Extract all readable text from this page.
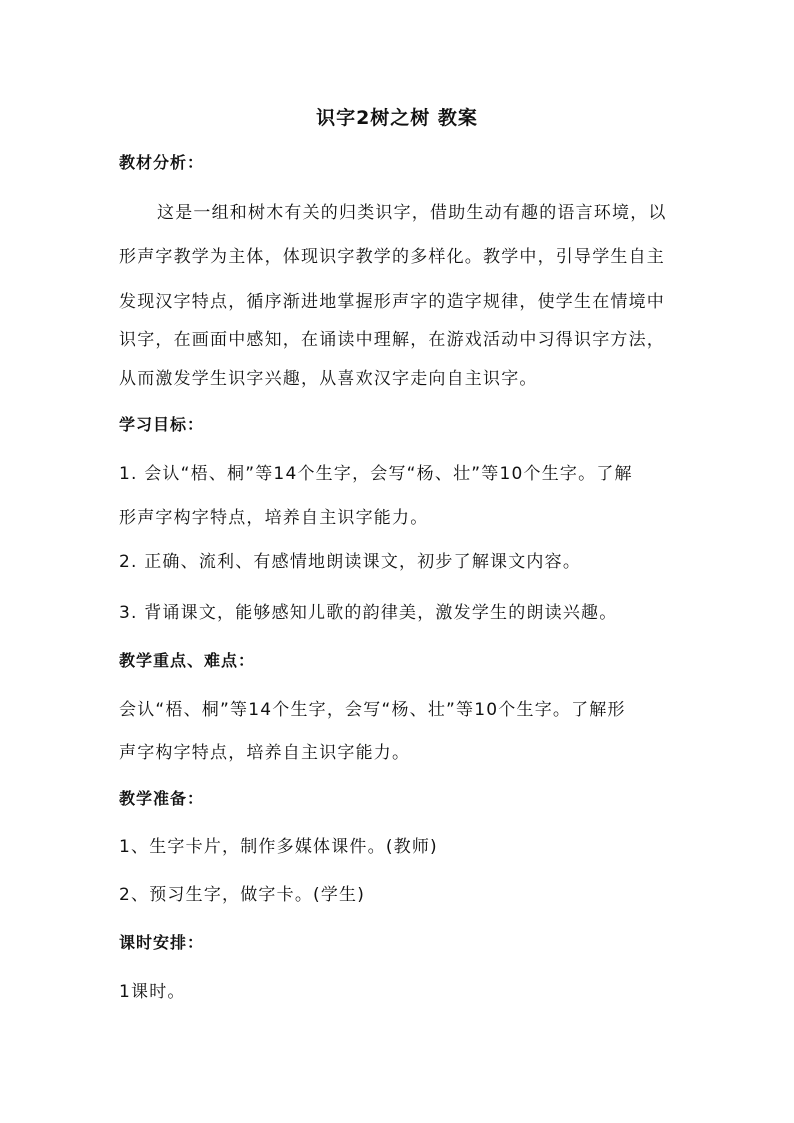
识字2树之树 教案
教材分析：
这是一组和树木有关的归类识字，借助生动有趣的语言环境，以
形声字教学为主体，体现识字教学的多样化。教学中，引导学生自主
发现汉字特点，循序渐进地掌握形声字的造字规律，使学生在情境中
识字，在画面中感知，在诵读中理解，在游戏活动中习得识字方法，
从而激发学生识字兴趣，从喜欢汉字走向自主识字。
学习目标：
1. 会认“梧、桐”等14个生字，会写“杨、壮”等10个生字。了解
形声字构字特点，培养自主识字能力。
2. 正确、流利、有感情地朗读课文，初步了解课文内容。
3. 背诵课文，能够感知儿歌的韵律美，激发学生的朗读兴趣。
教学重点、难点：
会认“梧、桐”等14个生字，会写“杨、壮”等10个生字。了解形
声字构字特点，培养自主识字能力。
教学准备：
1、生字卡片，制作多媒体课件。(教师)
2、预习生字，做字卡。(学生)
课时安排：
1课时。
